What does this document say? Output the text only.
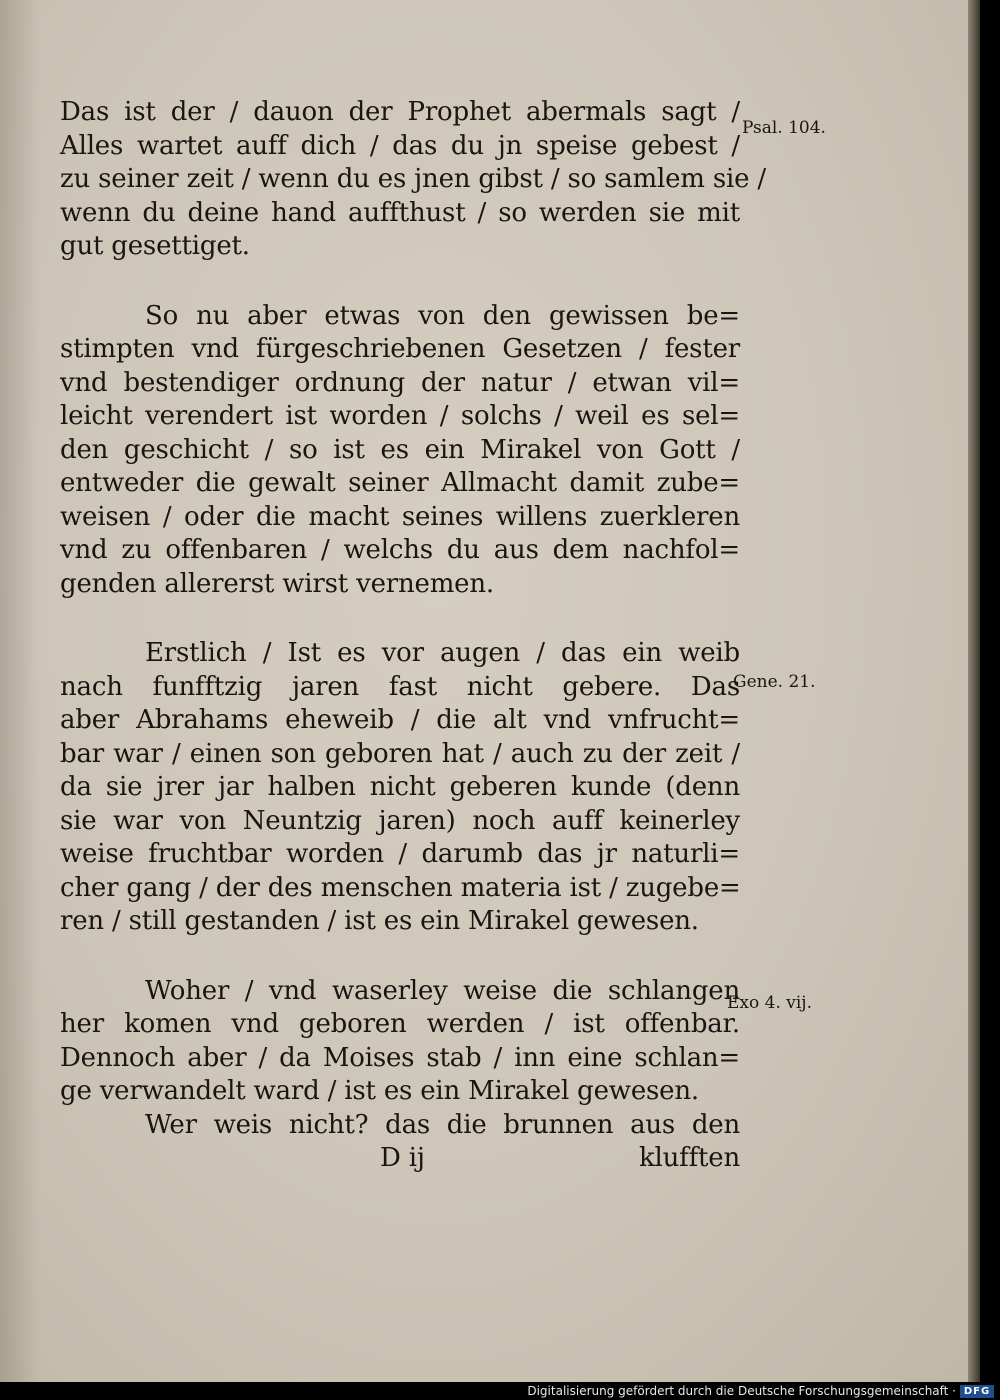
Das ist der / dauon der Prophet abermals sagt /
Alles wartet auff dich / das du jn speise gebest /
zu seiner zeit / wenn du es jnen gibst / so samlem sie /
wenn du deine hand auffthust / so werden sie mit
gut gesettiget.

So nu aber etwas von den gewissen be=
stimpten vnd fürgeschriebenen Gesetzen / fester
vnd bestendiger ordnung der natur / etwan vil=
leicht verendert ist worden / solchs / weil es sel=
den geschicht / so ist es ein Mirakel von Gott /
entweder die gewalt seiner Allmacht damit zube=
weisen / oder die macht seines willens zuerkleren
vnd zu offenbaren / welchs du aus dem nachfol=
genden allererst wirst vernemen.

Erstlich / Ist es vor augen / das ein weib
nach funfftzig jaren fast nicht gebere. Das
aber Abrahams eheweib / die alt vnd vnfrucht=
bar war / einen son geboren hat / auch zu der zeit /
da sie jrer jar halben nicht geberen kunde (denn
sie war von Neuntzig jaren) noch auff keinerley
weise fruchtbar worden / darumb das jr naturli=
cher gang / der des menschen materia ist / zugebe=
ren / still gestanden / ist es ein Mirakel gewesen.

Woher / vnd waserley weise die schlangen
her komen vnd geboren werden / ist offenbar.
Dennoch aber / da Moises stab / inn eine schlan=
ge verwandelt ward / ist es ein Mirakel gewesen.
Wer weis nicht? das die brunnen aus den

D ij	klufften
Psal. 104.
Gene. 21.
Exo 4. vij.
Digitalisierung gefördert durch die Deutsche Forschungsgemeinschaft · DFG
